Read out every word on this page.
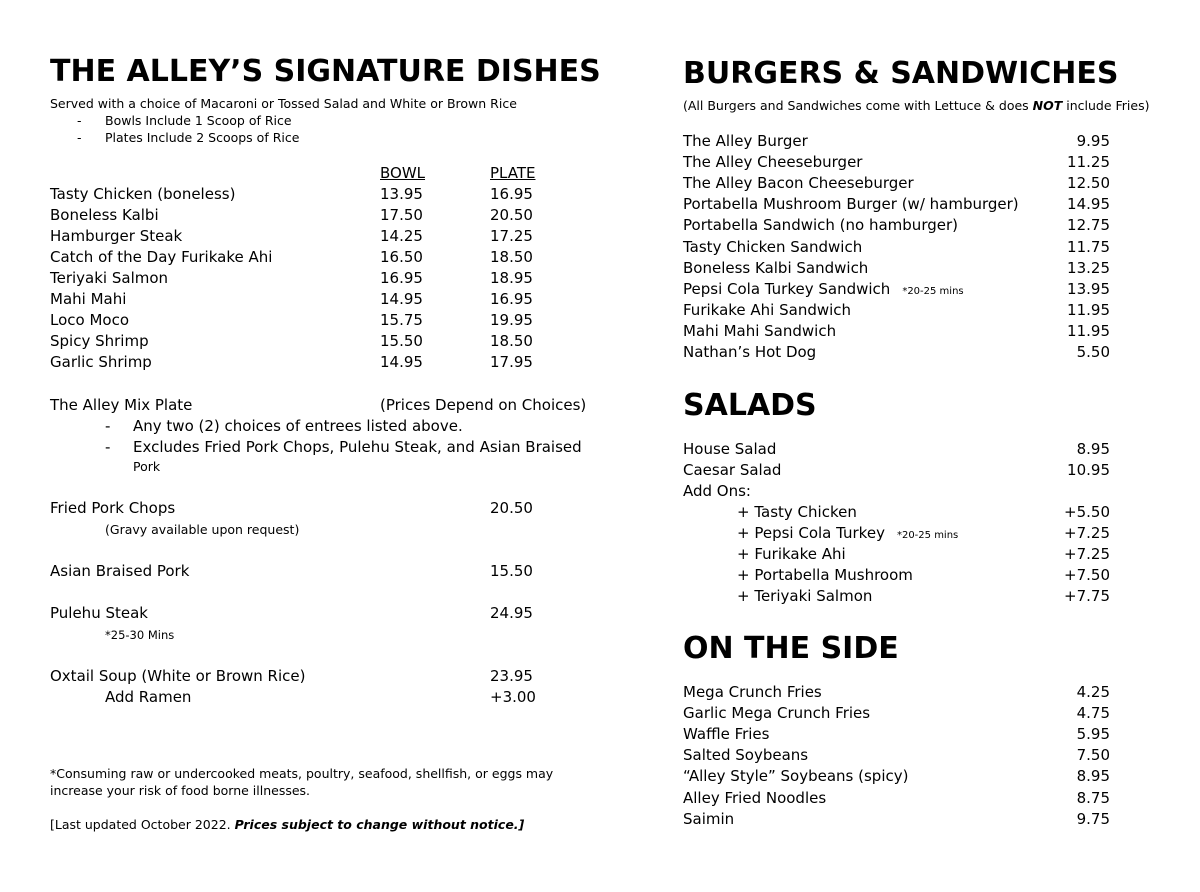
THE ALLEY’S SIGNATURE DISHES
Served with a choice of Macaroni or Tossed Salad and White or Brown Rice
- Bowls Include 1 Scoop of Rice
- Plates Include 2 Scoops of Rice
BOWL	PLATE
Tasty Chicken (boneless)	13.95	16.95
Boneless Kalbi	17.50	20.50
Hamburger Steak	14.25	17.25
Catch of the Day Furikake Ahi	16.50	18.50
Teriyaki Salmon	16.95	18.95
Mahi Mahi	14.95	16.95
Loco Moco	15.75	19.95
Spicy Shrimp	15.50	18.50
Garlic Shrimp	14.95	17.95
The Alley Mix Plate	(Prices Depend on Choices)
- Any two (2) choices of entrees listed above.
- Excludes Fried Pork Chops, Pulehu Steak, and Asian Braised
Pork
Fried Pork Chops	20.50
(Gravy available upon request)
Asian Braised Pork	15.50
Pulehu Steak	24.95
*25-30 Mins
Oxtail Soup (White or Brown Rice)	23.95
Add Ramen	+3.00
*Consuming raw or undercooked meats, poultry, seafood, shellfish, or eggs may
increase your risk of food borne illnesses.
[Last updated October 2022. Prices subject to change without notice.]
BURGERS & SANDWICHES
(All Burgers and Sandwiches come with Lettuce & does NOT include Fries)
The Alley Burger	9.95
The Alley Cheeseburger	11.25
The Alley Bacon Cheeseburger	12.50
Portabella Mushroom Burger (w/ hamburger)	14.95
Portabella Sandwich (no hamburger)	12.75
Tasty Chicken Sandwich	11.75
Boneless Kalbi Sandwich	13.25
Pepsi Cola Turkey Sandwich *20-25 mins	13.95
Furikake Ahi Sandwich	11.95
Mahi Mahi Sandwich	11.95
Nathan’s Hot Dog	5.50
SALADS
House Salad	8.95
Caesar Salad	10.95
Add Ons:
+ Tasty Chicken	+5.50
+ Pepsi Cola Turkey *20-25 mins	+7.25
+ Furikake Ahi	+7.25
+ Portabella Mushroom	+7.50
+ Teriyaki Salmon	+7.75
ON THE SIDE
Mega Crunch Fries	4.25
Garlic Mega Crunch Fries	4.75
Waffle Fries	5.95
Salted Soybeans	7.50
“Alley Style” Soybeans (spicy)	8.95
Alley Fried Noodles	8.75
Saimin	9.75
